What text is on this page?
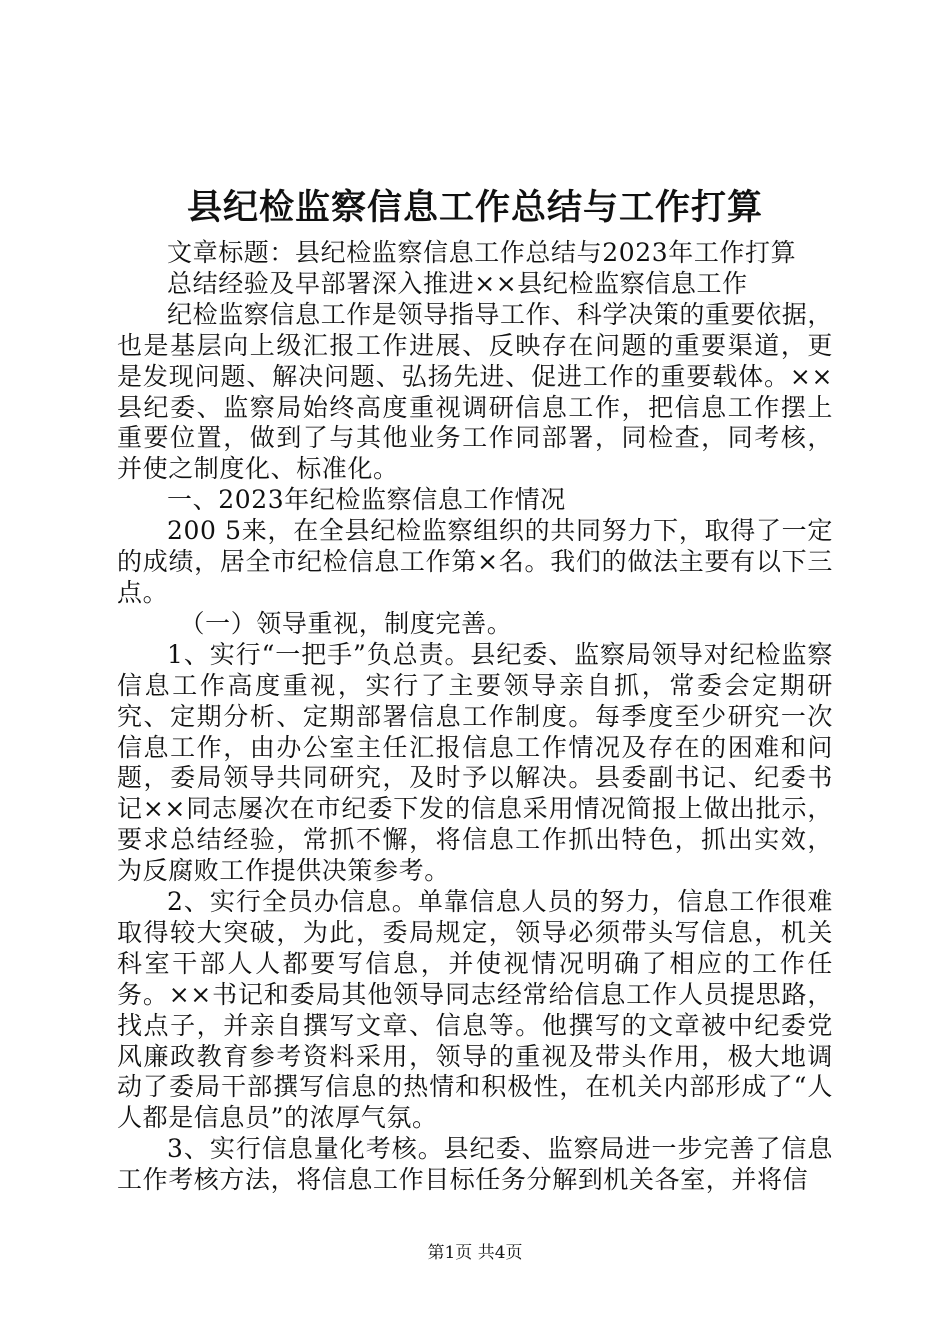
县纪检监察信息工作总结与工作打算

文章标题：县纪检监察信息工作总结与2023年工作打算

总结经验及早部署深入推进××县纪检监察信息工作

纪检监察信息工作是领导指导工作、科学决策的重要依据，也是基层向上级汇报工作进展、反映存在问题的重要渠道，更是发现问题、解决问题、弘扬先进、促进工作的重要载体。××县纪委、监察局始终高度重视调研信息工作，把信息工作摆上重要位置，做到了与其他业务工作同部署，同检查，同考核，并使之制度化、标准化。

一、2023年纪检监察信息工作情况

200 5来，在全县纪检监察组织的共同努力下，取得了一定的成绩，居全市纪检信息工作第×名。我们的做法主要有以下三点。

（一）领导重视，制度完善。

1、实行“一把手”负总责。县纪委、监察局领导对纪检监察信息工作高度重视，实行了主要领导亲自抓，常委会定期研究、定期分析、定期部署信息工作制度。每季度至少研究一次信息工作，由办公室主任汇报信息工作情况及存在的困难和问题，委局领导共同研究，及时予以解决。县委副书记、纪委书记××同志屡次在市纪委下发的信息采用情况简报上做出批示，要求总结经验，常抓不懈，将信息工作抓出特色，抓出实效，为反腐败工作提供决策参考。

2、实行全员办信息。单靠信息人员的努力，信息工作很难取得较大突破，为此，委局规定，领导必须带头写信息，机关科室干部人人都要写信息，并使视情况明确了相应的工作任务。××书记和委局其他领导同志经常给信息工作人员提思路，找点子，并亲自撰写文章、信息等。他撰写的文章被中纪委党风廉政教育参考资料采用，领导的重视及带头作用，极大地调动了委局干部撰写信息的热情和积极性，在机关内部形成了“人人都是信息员”的浓厚气氛。

3、实行信息量化考核。县纪委、监察局进一步完善了信息工作考核方法，将信息工作目标任务分解到机关各室，并将信

第1页 共4页
